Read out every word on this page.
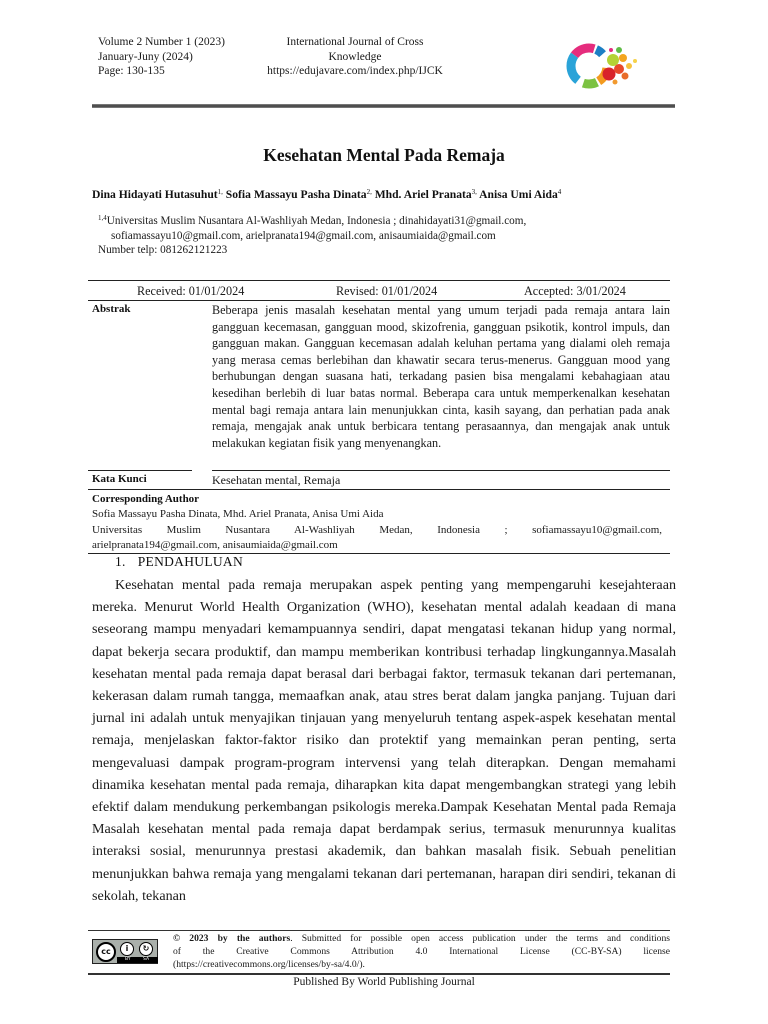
Volume 2 Number 1 (2023)
January-Juny (2024)
Page: 130-135
International Journal of Cross
Knowledge
https://edujavare.com/index.php/IJCK
Kesehatan Mental Pada Remaja
Dina Hidayati Hutasuhut$^{1,}$ Sofia Massayu Pasha Dinata$^{2,}$ Mhd. Ariel Pranata$^{3,}$ Anisa Umi Aida$^4$
$^{1,4}$Universitas Muslim Nusantara Al-Washliyah Medan, Indonesia ; dinahidayati31@gmail.com,
sofiamassayu10@gmail.com, arielpranata194@gmail.com, anisaumiaida@gmail.com
Number telp: 081262121223
Received: 01/01/2024	Revised: 01/01/2024	Accepted: 3/01/2024
Abstrak	Beberapa jenis masalah kesehatan mental yang umum terjadi pada remaja antara lain gangguan kecemasan, gangguan mood, skizofrenia, gangguan psikotik, kontrol impuls, dan gangguan makan. Gangguan kecemasan adalah keluhan pertama yang dialami oleh remaja yang merasa cemas berlebihan dan khawatir secara terus-menerus. Gangguan mood yang berhubungan dengan suasana hati, terkadang pasien bisa mengalami kebahagiaan atau kesedihan berlebih di luar batas normal. Beberapa cara untuk memperkenalkan kesehatan mental bagi remaja antara lain menunjukkan cinta, kasih sayang, dan perhatian pada anak remaja, mengajak anak untuk berbicara tentang perasaannya, dan mengajak anak untuk melakukan kegiatan fisik yang menyenangkan.
Kata Kunci	Kesehatan mental, Remaja
Corresponding Author
Sofia Massayu Pasha Dinata, Mhd. Ariel Pranata, Anisa Umi Aida
Universitas Muslim Nusantara Al-Washliyah Medan, Indonesia ; sofiamassayu10@gmail.com,
arielpranata194@gmail.com, anisaumiaida@gmail.com
1. PENDAHULUAN
Kesehatan mental pada remaja merupakan aspek penting yang mempengaruhi kesejahteraan mereka. Menurut World Health Organization (WHO), kesehatan mental adalah keadaan di mana seseorang mampu menyadari kemampuannya sendiri, dapat mengatasi tekanan hidup yang normal, dapat bekerja secara produktif, dan mampu memberikan kontribusi terhadap lingkungannya.Masalah kesehatan mental pada remaja dapat berasal dari berbagai faktor, termasuk tekanan dari pertemanan, kekerasan dalam rumah tangga, memaafkan anak, atau stres berat dalam jangka panjang. Tujuan dari jurnal ini adalah untuk menyajikan tinjauan yang menyeluruh tentang aspek-aspek kesehatan mental remaja, menjelaskan faktor-faktor risiko dan protektif yang memainkan peran penting, serta mengevaluasi dampak program-program intervensi yang telah diterapkan. Dengan memahami dinamika kesehatan mental pada remaja, diharapkan kita dapat mengembangkan strategi yang lebih efektif dalam mendukung perkembangan psikologis mereka.Dampak Kesehatan Mental pada Remaja Masalah kesehatan mental pada remaja dapat berdampak serius, termasuk menurunnya kualitas interaksi sosial, menurunnya prestasi akademik, dan bahkan masalah fisik. Sebuah penelitian menunjukkan bahwa remaja yang mengalami tekanan dari pertemanan, harapan diri sendiri, tekanan di sekolah, tekanan
cc	i	↻
BY	SA
© 2023 by the authors. Submitted for possible open access publication under the terms and conditions
of the Creative Commons Attribution 4.0 International License (CC-BY-SA) license
(https://creativecommons.org/licenses/by-sa/4.0/).
Published By World Publishing Journal
